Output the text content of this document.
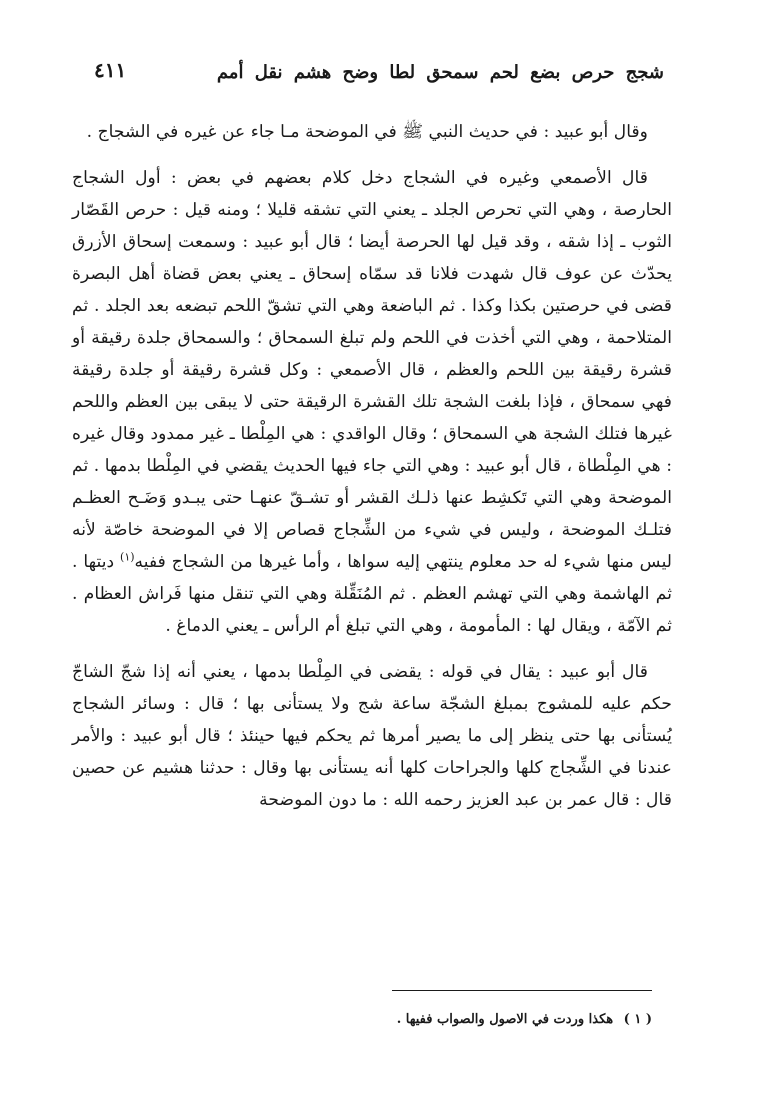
شجج حرص بضع لحم سمحق لطا وضح هشم نقل أمم
٤١١

وقال أبو عبيد : في حديث النبي ﷺ في الموضحة مـا جاء عن غيره في الشجاج .

قال الأصمعي وغيره في الشجاج دخل كلام بعضهم في بعض : أول الشجاج الحارصة ، وهي التي تحرص الجلد ـ يعني التي تشقه قليلا ؛ ومنه قيل : حرص القَصّار الثوب ـ إذا شقه ، وقد قيل لها الحرصة أيضا ؛ قال أبو عبيد : وسمعت إسحاق الأزرق يحدّث عن عوف قال شهدت فلانا قد سمّاه إسحاق ـ يعني بعض قضاة أهل البصرة قضى في حرصتين بكذا وكذا . ثم الباضعة وهي التي تشقّ اللحم تبضعه بعد الجلد . ثم المتلاحمة ، وهي التي أخذت في اللحم ولم تبلغ السمحاق ؛ والسمحاق جلدة رقيقة أو قشرة رقيقة بين اللحم والعظم ، قال الأصمعي : وكل قشرة رقيقة أو جلدة رقيقة فهي سمحاق ، فإذا بلغت الشجة تلك القشرة الرقيقة حتى لا يبقى بين العظم واللحم غيرها فتلك الشجة هي السمحاق ؛ وقال الواقدي : هي المِلْطا ـ غير ممدود وقال غيره : هي المِلْطاة ، قال أبو عبيد : وهي التي جاء فيها الحديث يقضي في المِلْطا بدمها . ثم الموضحة وهي التي تَكشِط عنها ذلـك القشر أو تشـقّ عنهـا حتى يبـدو وَضَـح العظـم فتلـك الموضحة ، وليس في شيء من الشِّجاج قصاص إلا في الموضحة خاصّة لأنه ليس منها شيء له حد معلوم ينتهي إليه سواها ، وأما غيرها من الشجاج ففيه$^{(١)}$ ديتها . ثم الهاشمة وهي التي تهشم العظم . ثم المُنَقِّلة وهي التي تنقل منها فَراش العظام . ثم الآمّة ، ويقال لها : المأمومة ، وهي التي تبلغ أم الرأس ـ يعني الدماغ .

قال أبو عبيد : يقال في قوله : يقضى في المِلْطا بدمها ، يعني أنه إذا شجّ الشاجّ حكم عليه للمشوج بمبلغ الشجّة ساعة شج ولا يستأنى بها ؛ قال : وسائر الشجاج يُستأنى بها حتى ينظر إلى ما يصير أمرها ثم يحكم فيها حينئذ ؛ قال أبو عبيد : والأمر عندنا في الشِّجاج كلها والجراحات كلها أنه يستأنى بها وقال : حدثنا هشيم عن حصين قال : قال عمر بن عبد العزيز رحمه الله : ما دون الموضحة

( ١ ) هكذا وردت في الاصول والصواب ففيها .
